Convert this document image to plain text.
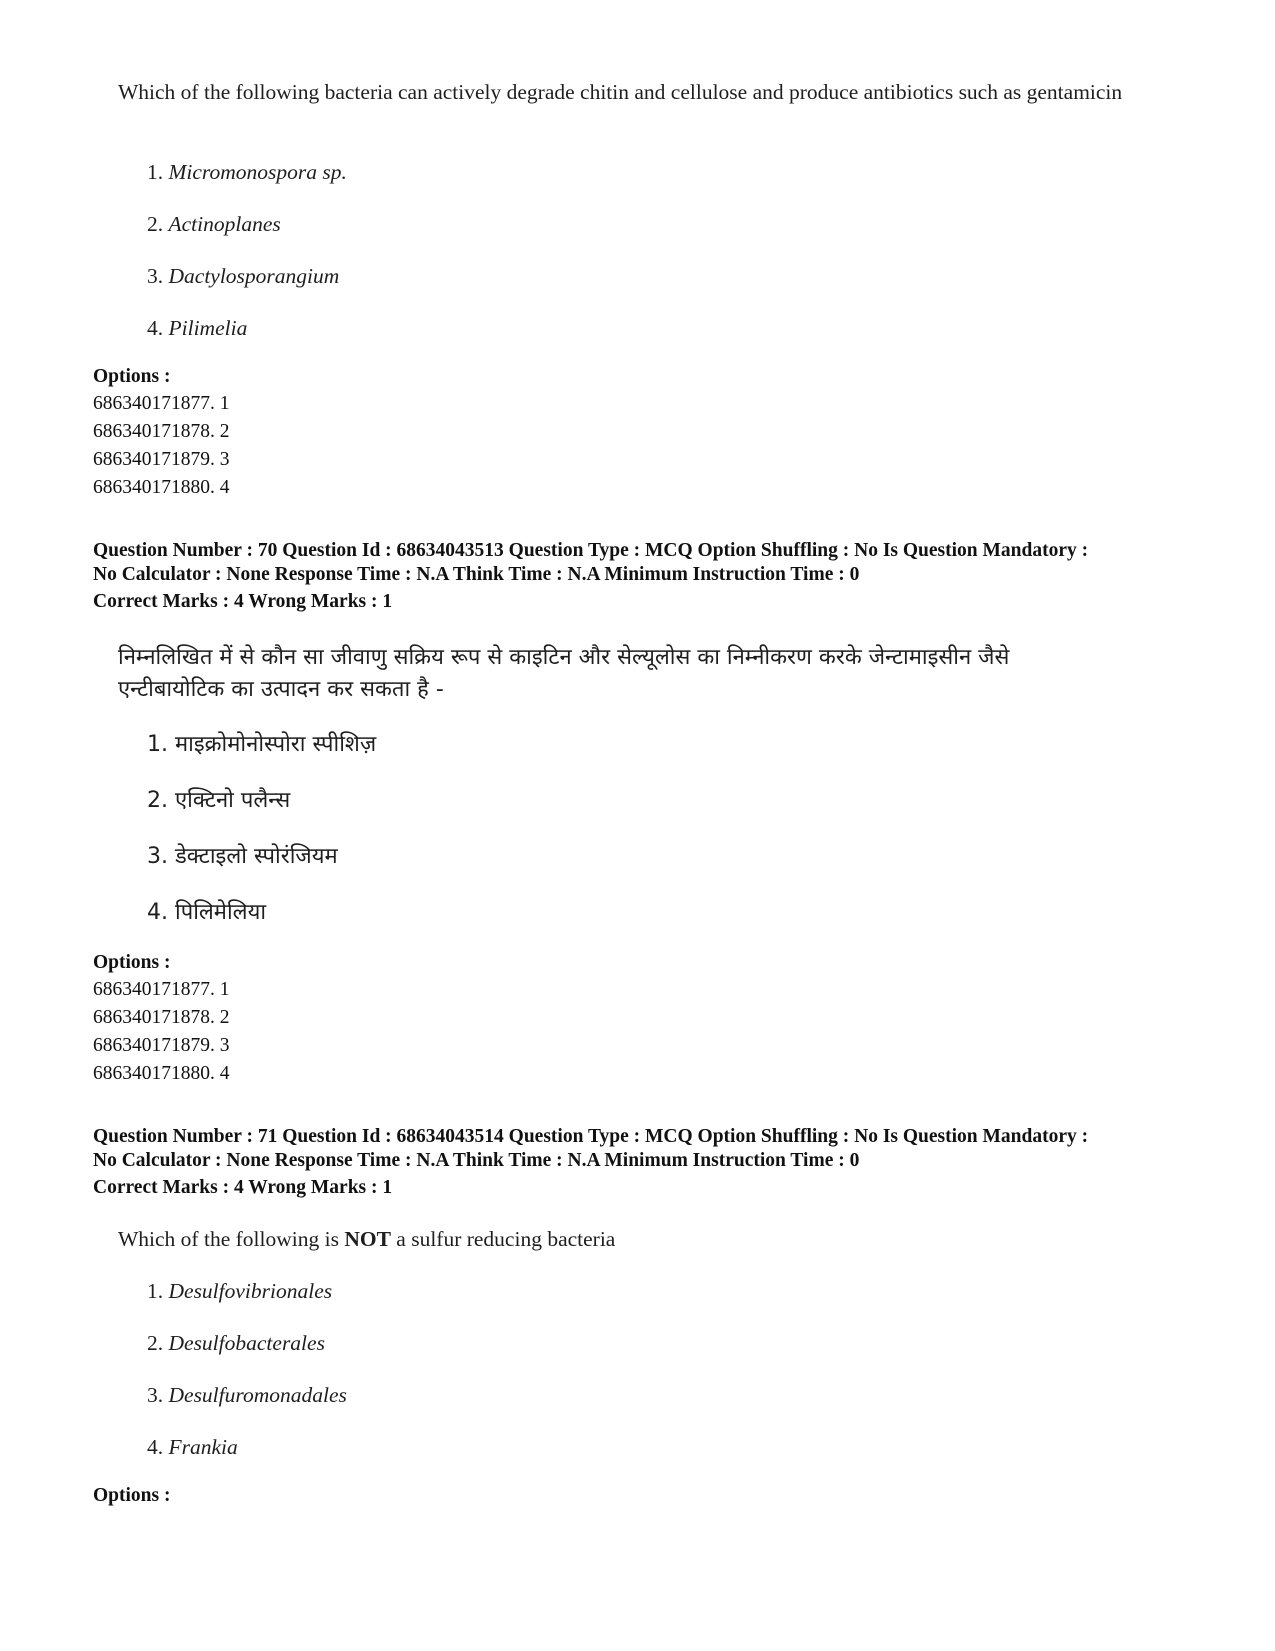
Which of the following bacteria can actively degrade chitin and cellulose and produce antibiotics such as gentamicin
1. Micromonospora sp.
2. Actinoplanes
3. Dactylosporangium
4. Pilimelia
Options :
686340171877. 1
686340171878. 2
686340171879. 3
686340171880. 4
Question Number : 70 Question Id : 68634043513 Question Type : MCQ Option Shuffling : No Is Question Mandatory :
No Calculator : None Response Time : N.A Think Time : N.A Minimum Instruction Time : 0
Correct Marks : 4 Wrong Marks : 1
निम्नलिखित में से कौन सा जीवाणु सक्रिय रूप से काइटिन और सेल्यूलोस का निम्नीकरण करके जेन्टामाइसीन जैसे
एन्टीबायोटिक का उत्पादन कर सकता है -
1. माइक्रोमोनोस्पोरा स्पीशिज़
2. एक्टिनो पलैन्स
3. डेक्टाइलो स्पोरंजियम
4. पिलिमेलिया
Options :
686340171877. 1
686340171878. 2
686340171879. 3
686340171880. 4
Question Number : 71 Question Id : 68634043514 Question Type : MCQ Option Shuffling : No Is Question Mandatory :
No Calculator : None Response Time : N.A Think Time : N.A Minimum Instruction Time : 0
Correct Marks : 4 Wrong Marks : 1
Which of the following is NOT a sulfur reducing bacteria
1. Desulfovibrionales
2. Desulfobacterales
3. Desulfuromonadales
4. Frankia
Options :
